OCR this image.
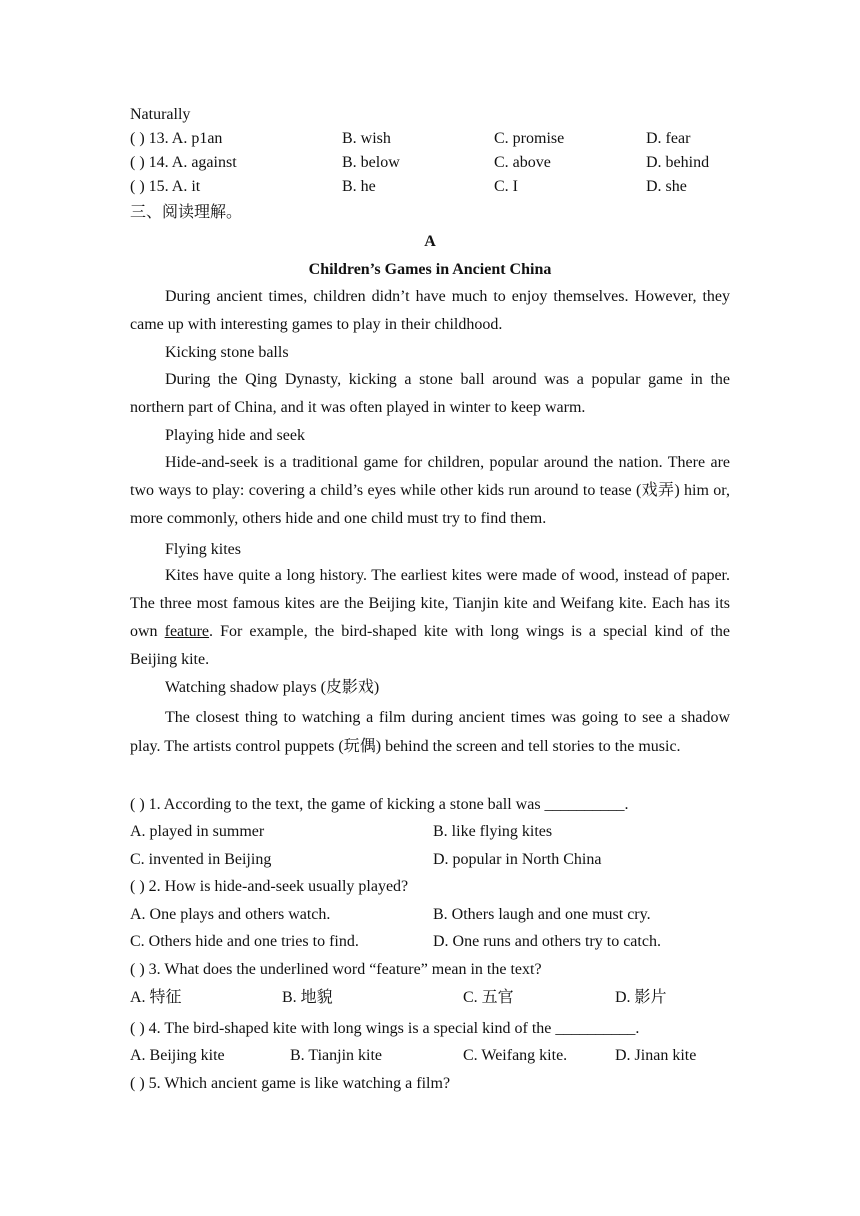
Naturally
( ) 13. A. p1an	B. wish	C. promise	D. fear
( ) 14. A. against	B. below	C. above	D. behind
( ) 15. A. it	B. he	C. I	D. she
三、阅读理解。
A
Children’s Games in Ancient China
During ancient times, children didn’t have much to enjoy themselves. However, they came up with interesting games to play in their childhood.
Kicking stone balls
During the Qing Dynasty, kicking a stone ball around was a popular game in the northern part of China, and it was often played in winter to keep warm.
Playing hide and seek
Hide-and-seek is a traditional game for children, popular around the nation. There are two ways to play: covering a child’s eyes while other kids run around to tease (戏弄) him or, more commonly, others hide and one child must try to find them.
Flying kites
Kites have quite a long history. The earliest kites were made of wood, instead of paper. The three most famous kites are the Beijing kite, Tianjin kite and Weifang kite. Each has its own feature. For example, the bird-shaped kite with long wings is a special kind of the Beijing kite.
Watching shadow plays (皮影戏)
The closest thing to watching a film during ancient times was going to see a shadow play. The artists control puppets (玩偶) behind the screen and tell stories to the music.
( ) 1. According to the text, the game of kicking a stone ball was __________.
A. played in summer	B. like flying kites
C. invented in Beijing	D. popular in North China
( ) 2. How is hide-and-seek usually played?
A. One plays and others watch.	B. Others laugh and one must cry.
C. Others hide and one tries to find.	D. One runs and others try to catch.
( ) 3. What does the underlined word “feature” mean in the text?
A. 特征	B. 地貌	C. 五官	D. 影片
( ) 4. The bird-shaped kite with long wings is a special kind of the __________.
A. Beijing kite	B. Tianjin kite	C. Weifang kite.	D. Jinan kite
( ) 5. Which ancient game is like watching a film?
